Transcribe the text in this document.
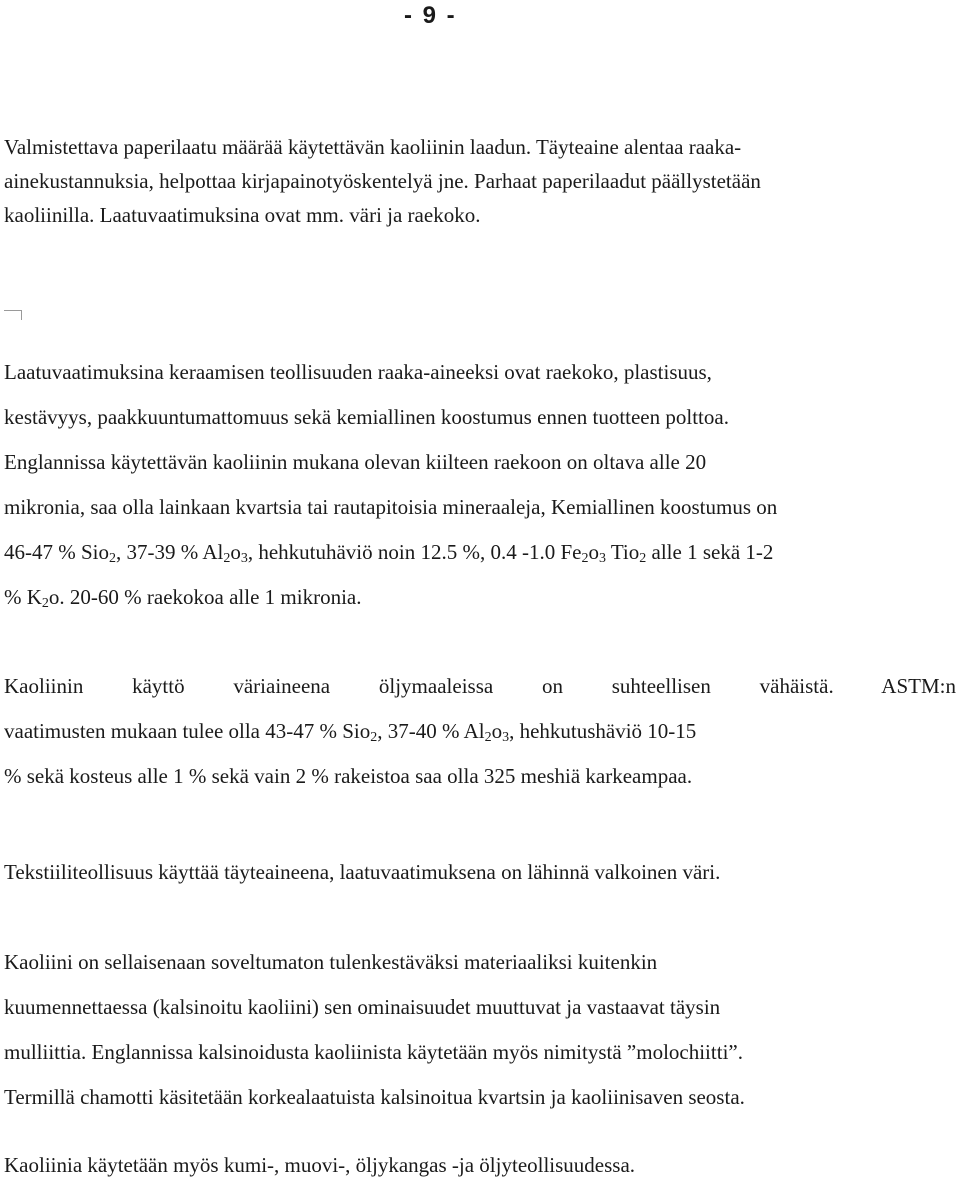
- 9 -
Valmistettava paperilaatu määrää käytettävän kaoliinin laadun. Täyteaine alentaa raaka-
ainekustannuksia, helpottaa kirjapainotyöskentelyä jne. Parhaat paperilaadut päällystetään
kaoliinilla. Laatuvaatimuksina ovat mm. väri ja raekoko.
Laatuvaatimuksina keraamisen teollisuuden raaka-aineeksi ovat raekoko, plastisuus,
kestävyys, paakkuuntumattomuus sekä kemiallinen koostumus ennen tuotteen polttoa.
Englannissa käytettävän kaoliinin mukana olevan kiilteen raekoon on oltava alle 20
mikronia, saa olla lainkaan kvartsia tai rautapitoisia mineraaleja, Kemiallinen koostumus on
46-47 % Sio$_2$, 37-39 % $Al_2o_3$, hehkutuhäviö noin 12.5 %, 0.4 -1.0 $Fe_2o_3$ Tio$_2$ alle 1 sekä 1-2
% $K_2o$. 20-60 % raekokoa alle 1 mikronia.
Kaoliinin käyttö väriaineena öljymaaleissa on suhteellisen vähäistä. ASTM:n
vaatimusten mukaan tulee olla 43-47 % Sio$_2$, 37-40 % $Al_2o_3$, hehkutushäviö 10-15
% sekä kosteus alle 1 % sekä vain 2 % rakeistoa saa olla 325 meshiä karkeampaa.
Tekstiiliteollisuus käyttää täyteaineena, laatuvaatimuksena on lähinnä valkoinen väri.
Kaoliini on sellaisenaan soveltumaton tulenkestäväksi materiaaliksi kuitenkin
kuumennettaessa (kalsinoitu kaoliini) sen ominaisuudet muuttuvat ja vastaavat täysin
mulliittia. Englannissa kalsinoidusta kaoliinista käytetään myös nimitystä ”molochiitti”.
Termillä chamotti käsitetään korkealaatuista kalsinoitua kvartsin ja kaoliinisaven seosta.
Kaoliinia käytetään myös kumi-, muovi-, öljykangas -ja öljyteollisuudessa.
